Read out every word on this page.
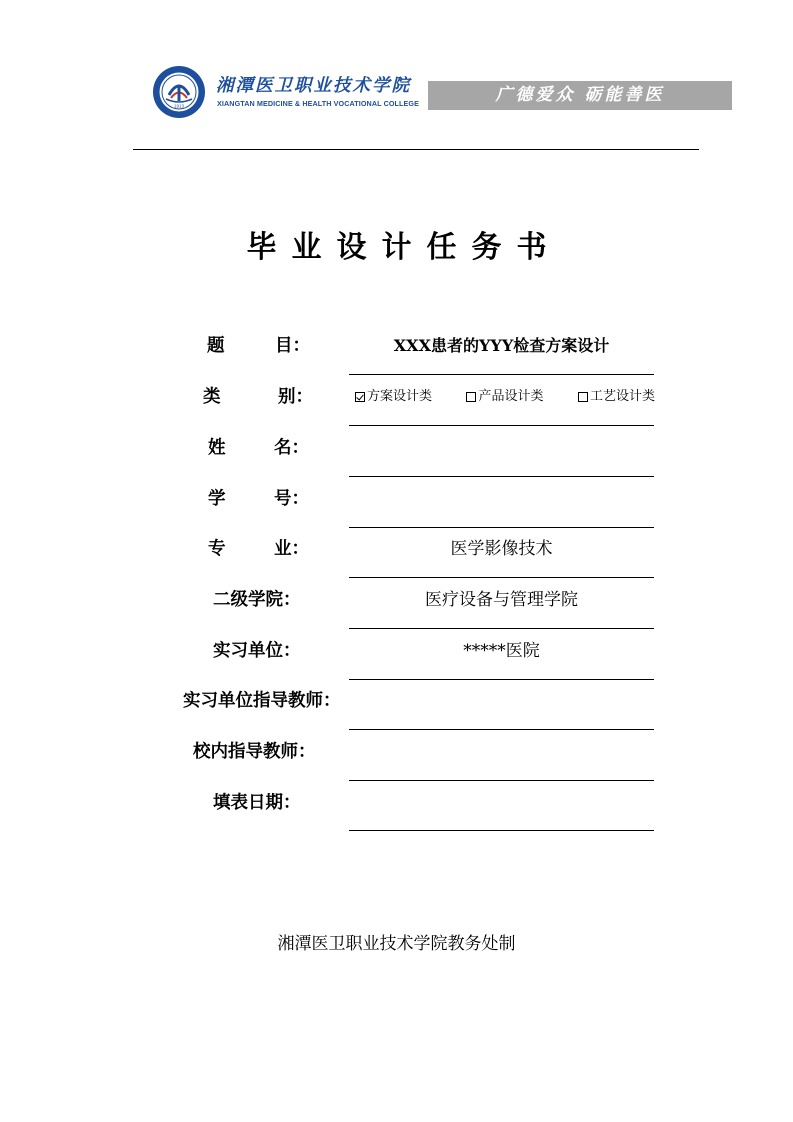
1913
湘潭医卫职业技术学院
XIANGTAN MEDICINE & HEALTH VOCATIONAL COLLEGE	广德爱众 砺能善医
毕业设计任务书
题	目：	XXX患者的YYY检查方案设计
类	别：	方案设计类	产品设计类	工艺设计类
姓	名：
学	号：
专	业：	医学影像技术
二级学院：	医疗设备与管理学院
实习单位：	*****医院
实习单位指导教师：
校内指导教师：
填表日期：
湘潭医卫职业技术学院教务处制
